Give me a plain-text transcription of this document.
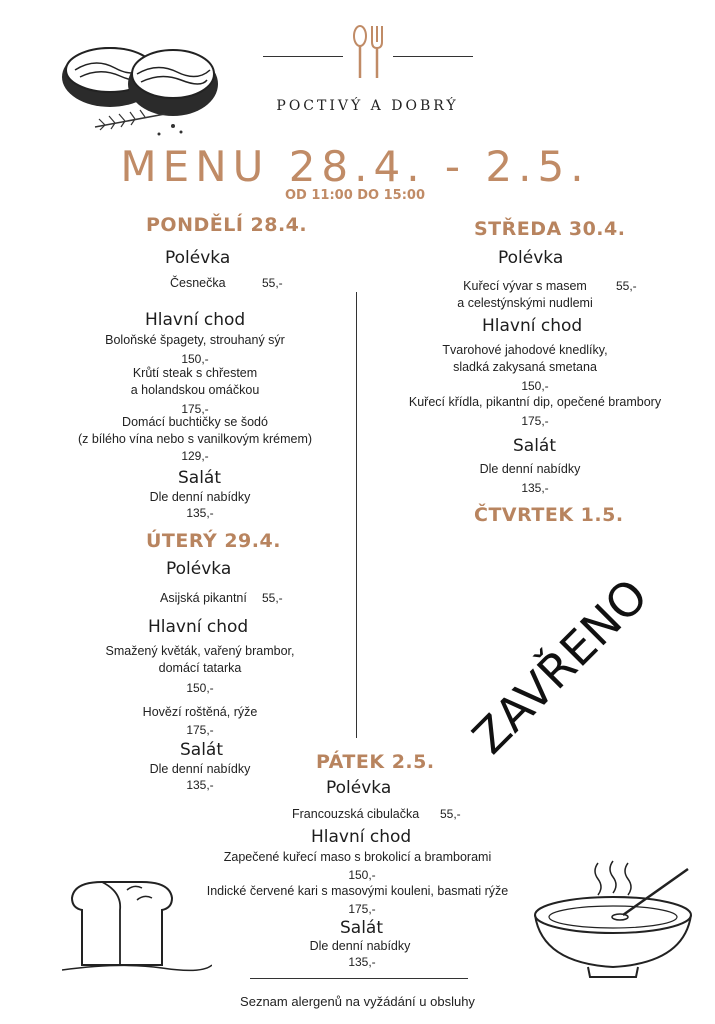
POCTIVÝ A DOBRÝ
MENU 28.4. - 2.5.
OD 11:00 DO 15:00
PONDĚLÍ 28.4.
Polévka
Česnečka	55,-
Hlavní chod
Boloňské špagety, strouhaný sýr
150,-
Krůtí steak s chřestem
a holandskou omáčkou
175,-
Domácí buchtičky se šodó
(z bílého vína nebo s vanilkovým krémem)
129,-
Salát
Dle denní nabídky
135,-
ÚTERÝ 29.4.
Polévka
Asijská pikantní 55,-
Hlavní chod
Smažený květák, vařený brambor,
domácí tatarka
150,-
Hovězí roštěná, rýže
175,-
Salát
Dle denní nabídky
135,-
STŘEDA 30.4.
Polévka
Kuřecí vývar s masem
a celestýnskými nudlemi
55,-
Hlavní chod
Tvarohové jahodové knedlíky,
sladká zakysaná smetana
150,-
Kuřecí křídla, pikantní dip, opečené brambory
175,-
Salát
Dle denní nabídky
135,-
ČTVRTEK 1.5.
ZAVŘENO
PÁTEK 2.5.
Polévka
Francouzská cibulačka 55,-
Hlavní chod
Zapečené kuřecí maso s brokolicí a bramborami
150,-
Indické červené kari s masovými kouleni, basmati rýže
175,-
Salát
Dle denní nabídky
135,-
Seznam alergenů na vyžádání u obsluhy
